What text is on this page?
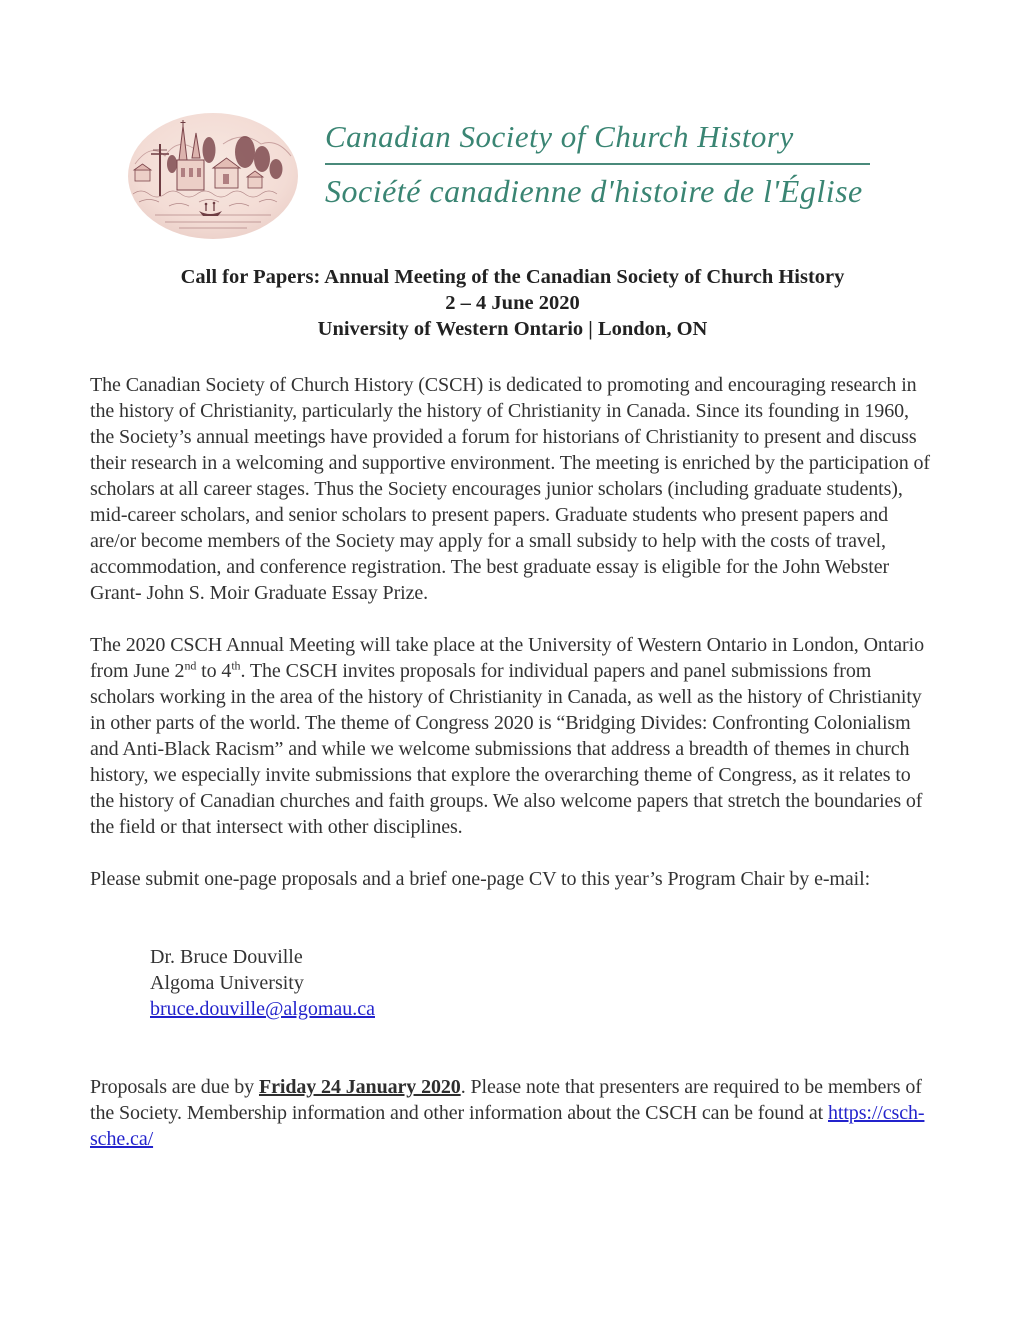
Canadian Society of Church History
Société canadienne d'histoire de l'Église
Call for Papers: Annual Meeting of the Canadian Society of Church History
2 – 4 June 2020
University of Western Ontario | London, ON

The Canadian Society of Church History (CSCH) is dedicated to promoting and encouraging research in the history of Christianity, particularly the history of Christianity in Canada. Since its founding in 1960, the Society’s annual meetings have provided a forum for historians of Christianity to present and discuss their research in a welcoming and supportive environment. The meeting is enriched by the participation of scholars at all career stages. Thus the Society encourages junior scholars (including graduate students), mid-career scholars, and senior scholars to present papers. Graduate students who present papers and are/or become members of the Society may apply for a small subsidy to help with the costs of travel, accommodation, and conference registration. The best graduate essay is eligible for the John Webster Grant- John S. Moir Graduate Essay Prize.

The 2020 CSCH Annual Meeting will take place at the University of Western Ontario in London, Ontario from June 2nd to 4th. The CSCH invites proposals for individual papers and panel submissions from scholars working in the area of the history of Christianity in Canada, as well as the history of Christianity in other parts of the world. The theme of Congress 2020 is “Bridging Divides: Confronting Colonialism and Anti-Black Racism” and while we welcome submissions that address a breadth of themes in church history, we especially invite submissions that explore the overarching theme of Congress, as it relates to the history of Canadian churches and faith groups. We also welcome papers that stretch the boundaries of the field or that intersect with other disciplines.

Please submit one-page proposals and a brief one-page CV to this year’s Program Chair by e-mail:

Dr. Bruce Douville
Algoma University
bruce.douville@algomau.ca

Proposals are due by Friday 24 January 2020. Please note that presenters are required to be members of the Society. Membership information and other information about the CSCH can be found at https://csch-sche.ca/
